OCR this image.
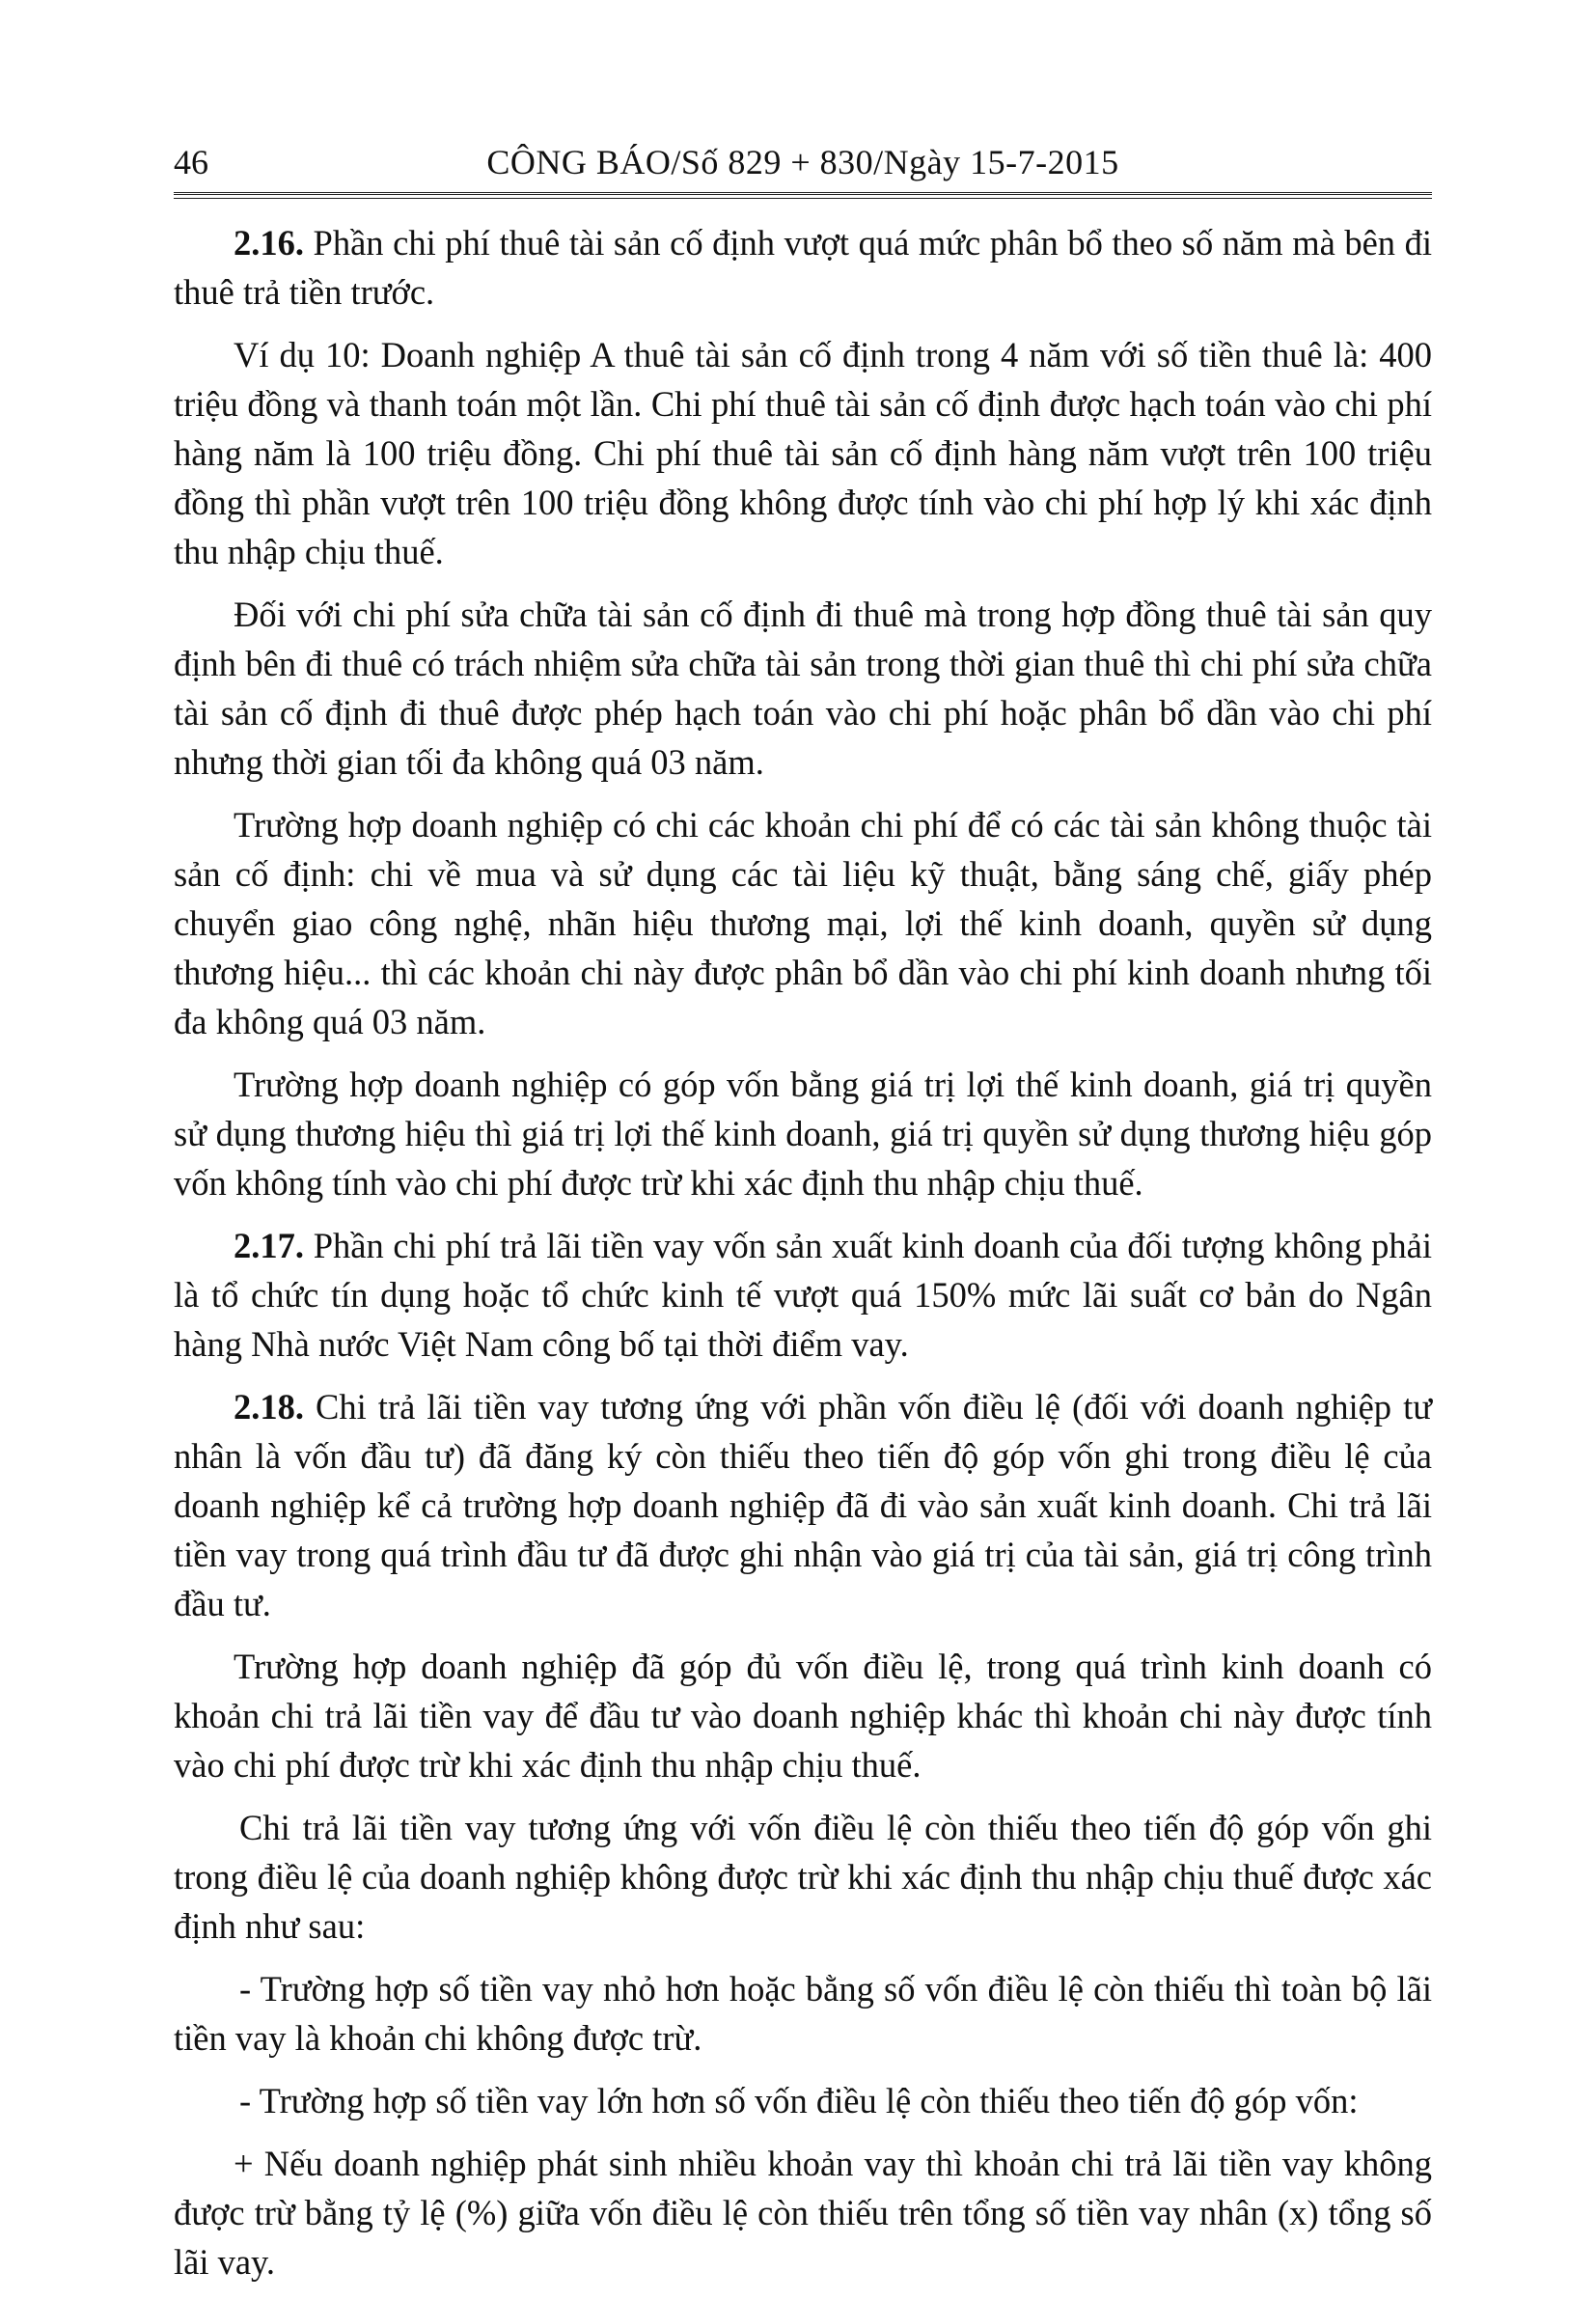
46	CÔNG BÁO/Số 829 + 830/Ngày 15-7-2015

2.16. Phần chi phí thuê tài sản cố định vượt quá mức phân bổ theo số năm mà bên đi thuê trả tiền trước.

Ví dụ 10: Doanh nghiệp A thuê tài sản cố định trong 4 năm với số tiền thuê là: 400 triệu đồng và thanh toán một lần. Chi phí thuê tài sản cố định được hạch toán vào chi phí hàng năm là 100 triệu đồng. Chi phí thuê tài sản cố định hàng năm vượt trên 100 triệu đồng thì phần vượt trên 100 triệu đồng không được tính vào chi phí hợp lý khi xác định thu nhập chịu thuế.

Đối với chi phí sửa chữa tài sản cố định đi thuê mà trong hợp đồng thuê tài sản quy định bên đi thuê có trách nhiệm sửa chữa tài sản trong thời gian thuê thì chi phí sửa chữa tài sản cố định đi thuê được phép hạch toán vào chi phí hoặc phân bổ dần vào chi phí nhưng thời gian tối đa không quá 03 năm.

Trường hợp doanh nghiệp có chi các khoản chi phí để có các tài sản không thuộc tài sản cố định: chi về mua và sử dụng các tài liệu kỹ thuật, bằng sáng chế, giấy phép chuyển giao công nghệ, nhãn hiệu thương mại, lợi thế kinh doanh, quyền sử dụng thương hiệu... thì các khoản chi này được phân bổ dần vào chi phí kinh doanh nhưng tối đa không quá 03 năm.

Trường hợp doanh nghiệp có góp vốn bằng giá trị lợi thế kinh doanh, giá trị quyền sử dụng thương hiệu thì giá trị lợi thế kinh doanh, giá trị quyền sử dụng thương hiệu góp vốn không tính vào chi phí được trừ khi xác định thu nhập chịu thuế.

2.17. Phần chi phí trả lãi tiền vay vốn sản xuất kinh doanh của đối tượng không phải là tổ chức tín dụng hoặc tổ chức kinh tế vượt quá 150% mức lãi suất cơ bản do Ngân hàng Nhà nước Việt Nam công bố tại thời điểm vay.

2.18. Chi trả lãi tiền vay tương ứng với phần vốn điều lệ (đối với doanh nghiệp tư nhân là vốn đầu tư) đã đăng ký còn thiếu theo tiến độ góp vốn ghi trong điều lệ của doanh nghiệp kể cả trường hợp doanh nghiệp đã đi vào sản xuất kinh doanh. Chi trả lãi tiền vay trong quá trình đầu tư đã được ghi nhận vào giá trị của tài sản, giá trị công trình đầu tư.

Trường hợp doanh nghiệp đã góp đủ vốn điều lệ, trong quá trình kinh doanh có khoản chi trả lãi tiền vay để đầu tư vào doanh nghiệp khác thì khoản chi này được tính vào chi phí được trừ khi xác định thu nhập chịu thuế.

Chi trả lãi tiền vay tương ứng với vốn điều lệ còn thiếu theo tiến độ góp vốn ghi trong điều lệ của doanh nghiệp không được trừ khi xác định thu nhập chịu thuế được xác định như sau:

- Trường hợp số tiền vay nhỏ hơn hoặc bằng số vốn điều lệ còn thiếu thì toàn bộ lãi tiền vay là khoản chi không được trừ.

- Trường hợp số tiền vay lớn hơn số vốn điều lệ còn thiếu theo tiến độ góp vốn:

+ Nếu doanh nghiệp phát sinh nhiều khoản vay thì khoản chi trả lãi tiền vay không được trừ bằng tỷ lệ (%) giữa vốn điều lệ còn thiếu trên tổng số tiền vay nhân (x) tổng số lãi vay.
